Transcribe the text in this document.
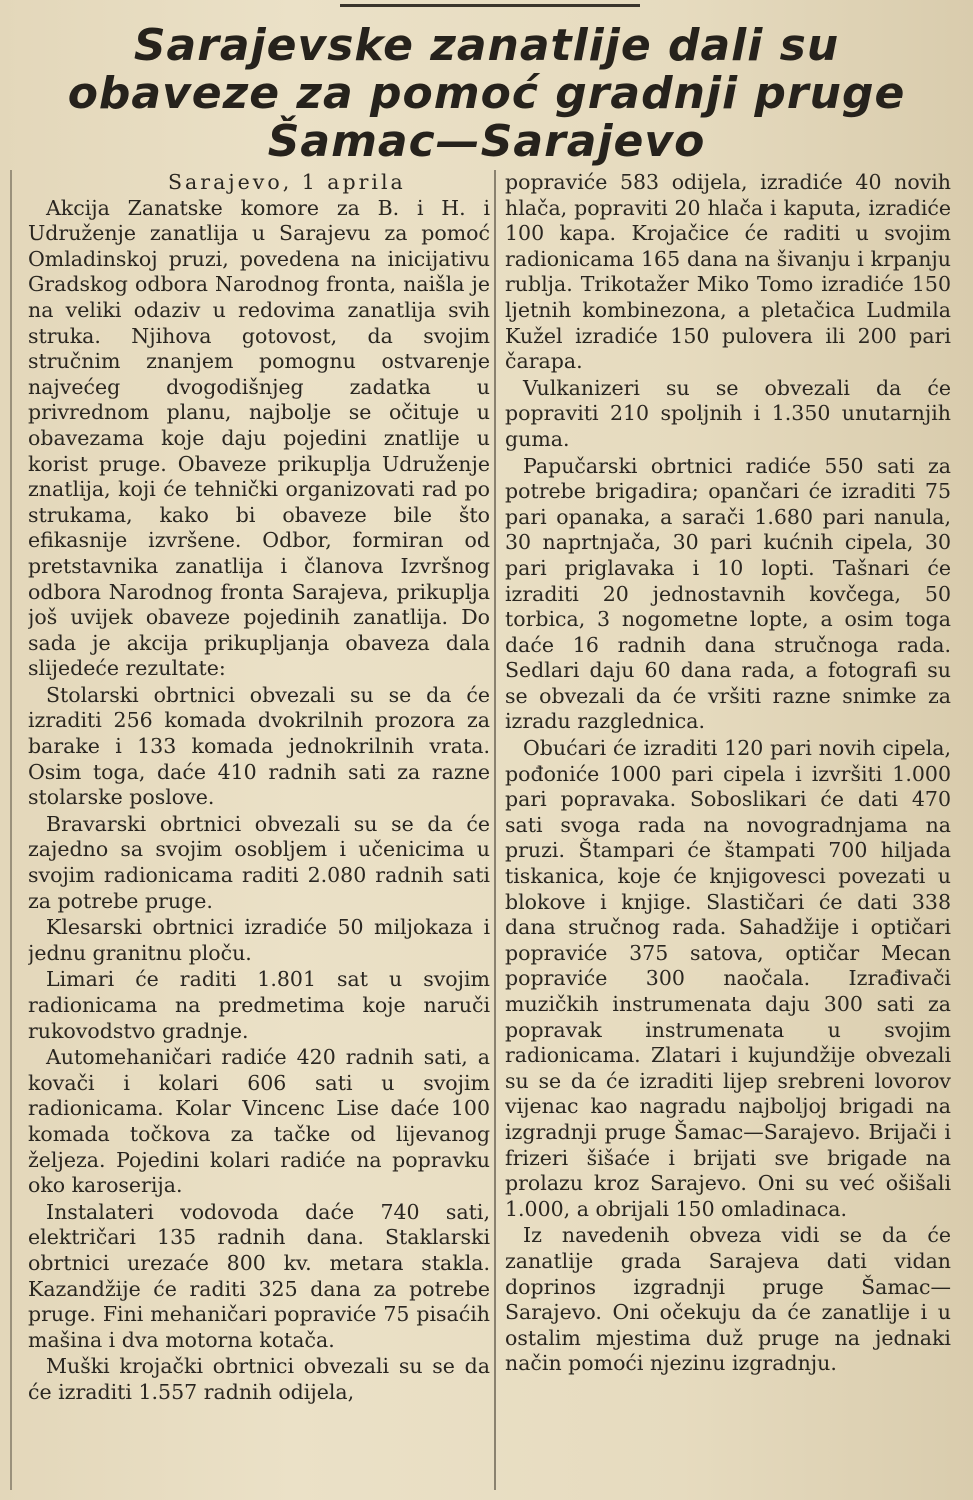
Sarajevske zanatlije dali su
obaveze za pomoć gradnji pruge
Šamac—Sarajevo

Sarajevo, 1 aprila

Akcija Zanatske komore za B. i H. i Udruženje zanatlija u Sarajevu za pomoć Omladinskoj pruzi, povedena na inicijativu Gradskog odbora Narodnog fronta, naišla je na veliki odaziv u redovima zanatlija svih struka. Njihova gotovost, da svojim stručnim znanjem pomognu ostvarenje najvećeg dvogodišnjeg zadatka u privrednom planu, najbolje se očituje u obavezama koje daju pojedini znatlije u korist pruge. Obaveze prikuplja Udruženje znatlija, koji će tehnički organizovati rad po strukama, kako bi obaveze bile što efikasnije izvršene. Odbor, formiran od pretstavnika zanatlija i članova Izvršnog odbora Narodnog fronta Sarajeva, prikuplja još uvijek obaveze pojedinih zanatlija. Do sada je akcija prikupljanja obaveza dala slijedeće rezultate:

Stolarski obrtnici obvezali su se da će izraditi 256 komada dvokrilnih prozora za barake i 133 komada jednokrilnih vrata. Osim toga, daće 410 radnih sati za razne stolarske poslove.

Bravarski obrtnici obvezali su se da će zajedno sa svojim osobljem i učenicima u svojim radionicama raditi 2.080 radnih sati za potrebe pruge.

Klesarski obrtnici izradiće 50 miljokaza i jednu granitnu ploču.

Limari će raditi 1.801 sat u svojim radionicama na predmetima koje naruči rukovodstvo gradnje.

Automehaničari radiće 420 radnih sati, a kovači i kolari 606 sati u svojim radionicama. Kolar Vincenc Lise daće 100 komada točkova za tačke od lijevanog željeza. Pojedini kolari radiće na popravku oko karoserija.

Instalateri vodovoda daće 740 sati, električari 135 radnih dana. Staklarski obrtnici urezaće 800 kv. metara stakla. Kazandžije će raditi 325 dana za potrebe pruge. Fini mehaničari popraviće 75 pisaćih mašina i dva motorna kotača.

Muški krojački obrtnici obvezali su se da će izraditi 1.557 radnih odijela,

popraviće 583 odijela, izradiće 40 novih hlača, popraviti 20 hlača i kaputa, izradiće 100 kapa. Krojačice će raditi u svojim radionicama 165 dana na šivanju i krpanju rublja. Trikotažer Miko Tomo izradiće 150 ljetnih kombinezona, a pletačica Ludmila Kužel izradiće 150 pulovera ili 200 pari čarapa.

Vulkanizeri su se obvezali da će popraviti 210 spoljnih i 1.350 unutarnjih guma.

Papučarski obrtnici radiće 550 sati za potrebe brigadira; opančari će izraditi 75 pari opanaka, a sarači 1.680 pari nanula, 30 naprtnjača, 30 pari kućnih cipela, 30 pari priglavaka i 10 lopti. Tašnari će izraditi 20 jednostavnih kovčega, 50 torbica, 3 nogometne lopte, a osim toga daće 16 radnih dana stručnoga rada. Sedlari daju 60 dana rada, a fotografi su se obvezali da će vršiti razne snimke za izradu razglednica.

Obućari će izraditi 120 pari novih cipela, pođoniće 1000 pari cipela i izvršiti 1.000 pari popravaka. Soboslikari će dati 470 sati svoga rada na novogradnjama na pruzi. Štampari će štampati 700 hiljada tiskanica, koje će knjigovesci povezati u blokove i knjige. Slastičari će dati 338 dana stručnog rada. Sahadžije i optičari popraviće 375 satova, optičar Mecan popraviće 300 naočala. Izrađivači muzičkih instrumenata daju 300 sati za popravak instrumenata u svojim radionicama. Zlatari i kujundžije obvezali su se da će izraditi lijep srebreni lovorov vijenac kao nagradu najboljoj brigadi na izgradnji pruge Šamac—Sarajevo. Brijači i frizeri šišaće i brijati sve brigade na prolazu kroz Sarajevo. Oni su već ošišali 1.000, a obrijali 150 omladinaca.

Iz navedenih obveza vidi se da će zanatlije grada Sarajeva dati vidan doprinos izgradnji pruge Šamac—Sarajevo. Oni očekuju da će zanatlije i u ostalim mjestima duž pruge na jednaki način pomoći njezinu izgradnju.
